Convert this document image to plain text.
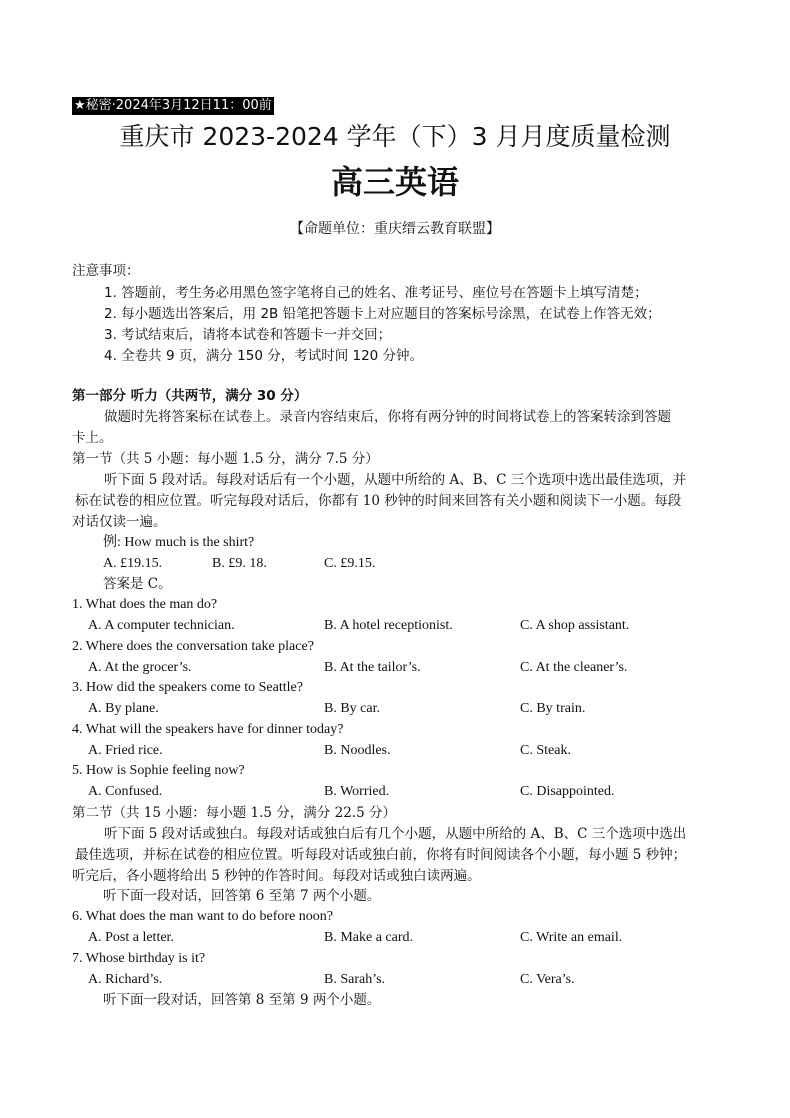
★秘密·2024年3月12日11：00前
重庆市 2023-2024 学年（下）3 月月度质量检测
高三英语
【命题单位：重庆缙云教育联盟】
注意事项：
1. 答题前，考生务必用黑色签字笔将自己的姓名、准考证号、座位号在答题卡上填写清楚；
2. 每小题选出答案后，用 2B 铅笔把答题卡上对应题目的答案标号涂黑，在试卷上作答无效；
3. 考试结束后，请将本试卷和答题卡一并交回；
4. 全卷共 9 页，满分 150 分，考试时间 120 分钟。
第一部分 听力（共两节，满分 30 分）
做题时先将答案标在试卷上。录音内容结束后，你将有两分钟的时间将试卷上的答案转涂到答题
卡上。
第一节（共 5 小题：每小题 1.5 分，满分 7.5 分）
听下面 5 段对话。每段对话后有一个小题，从题中所给的 A、B、C 三个选项中选出最佳选项，并
标在试卷的相应位置。听完每段对话后，你都有 10 秒钟的时间来回答有关小题和阅读下一小题。每段
对话仅读一遍。
例: How much is the shirt?
A. £19.15.	B. £9. 18.	C. £9.15.
答案是 C。
1. What does the man do?
A. A computer technician.	B. A hotel receptionist.	C. A shop assistant.
2. Where does the conversation take place?
A. At the grocer’s.	B. At the tailor’s.	C. At the cleaner’s.
3. How did the speakers come to Seattle?
A. By plane.	B. By car.	C. By train.
4. What will the speakers have for dinner today?
A. Fried rice.	B. Noodles.	C. Steak.
5. How is Sophie feeling now?
A. Confused.	B. Worried.	C. Disappointed.
第二节（共 15 小题：每小题 1.5 分，满分 22.5 分）
听下面 5 段对话或独白。每段对话或独白后有几个小题，从题中所给的 A、B、C 三个选项中选出
最佳选项，并标在试卷的相应位置。听每段对话或独白前，你将有时间阅读各个小题，每小题 5 秒钟；
听完后，各小题将给出 5 秒钟的作答时间。每段对话或独白读两遍。
听下面一段对话，回答第 6 至第 7 两个小题。
6. What does the man want to do before noon?
A. Post a letter.	B. Make a card.	C. Write an email.
7. Whose birthday is it?
A. Richard’s.	B. Sarah’s.	C. Vera’s.
听下面一段对话，回答第 8 至第 9 两个小题。
